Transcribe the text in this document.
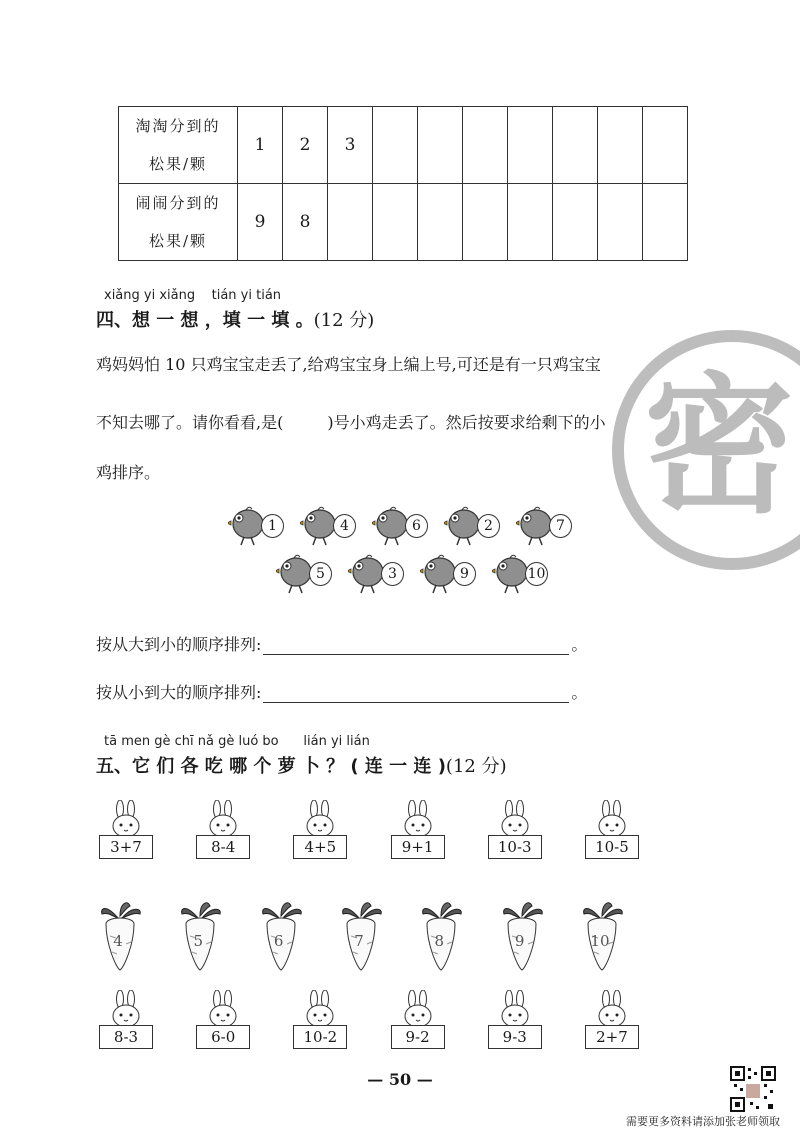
淘淘分到的
松果/颗	1	2	3							
闹闹分到的
松果/颗	9	8								
xiǎng yi xiǎng    tián yi tián
四、想 一 想 ，填 一 填 。(12 分)
鸡妈妈怕 10 只鸡宝宝走丢了,给鸡宝宝身上编上号,可还是有一只鸡宝宝
不知去哪了。请你看看,是(	)号小鸡走丢了。然后按要求给剩下的小
鸡排序。	密
1	4	6	2	7
5	3	9	10
按从大到小的顺序排列:	。
按从小到大的顺序排列:	。
tā men gè chī nǎ gè luó bo      lián yi lián
五、它 们 各 吃 哪 个 萝 卜 ？ ( 连 一 连 )(12 分)
3+7	8-4	4+5	9+1	10-3	10-5
4	5	6	7	8	9	10
8-3	6-0	10-2	9-2	9-3	2+7
— 50 —
需要更多资料请添加张老师领取
